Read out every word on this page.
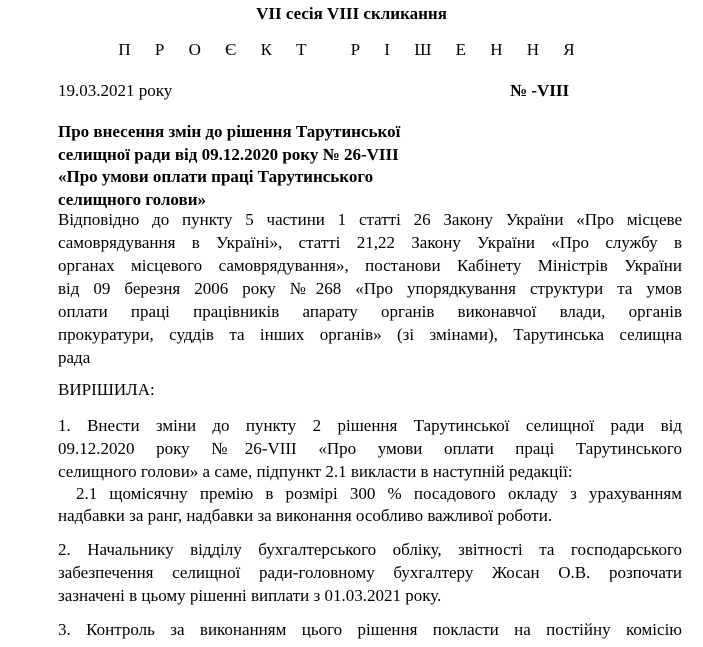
VII сесія VIII скликання
П Р О Є К Т Р І Ш Е Н Н Я
19.03.2021 року	№ -VIII
Про внесення змін до рішення Тарутинської
селищної ради від 09.12.2020 року № 26-VIII
«Про умови оплати праці Тарутинського
селищного голови»
Відповідно до пункту 5 частини 1 статті 26 Закону України «Про місцеве
самоврядування в Україні», статті 21,22 Закону України «Про службу в
органах місцевого самоврядування», постанови Кабінету Міністрів України
від 09 березня 2006 року №268 «Про упорядкування структури та умов
оплати праці працівників апарату органів виконавчої влади, органів
прокуратури, суддів та інших органів» (зі змінами), Тарутинська селищна
рада
ВИРІШИЛА:
1. Внести зміни до пункту 2 рішення Тарутинської селищної ради від
09.12.2020 року №26-VIII «Про умови оплати праці Тарутинського
селищного голови» а саме, підпункт 2.1 викласти в наступній редакції:
2.1 щомісячну премію в розмірі 300 % посадового окладу з урахуванням
надбавки за ранг, надбавки за виконання особливо важливої роботи.
2. Начальнику відділу бухгалтерського обліку, звітності та господарського
забезпечення селищної ради-головному бухгалтеру Жосан О.В. розпочати
зазначені в цьому рішенні виплати з 01.03.2021 року.
3. Контроль за виконанням цього рішення покласти на постійну комісію
